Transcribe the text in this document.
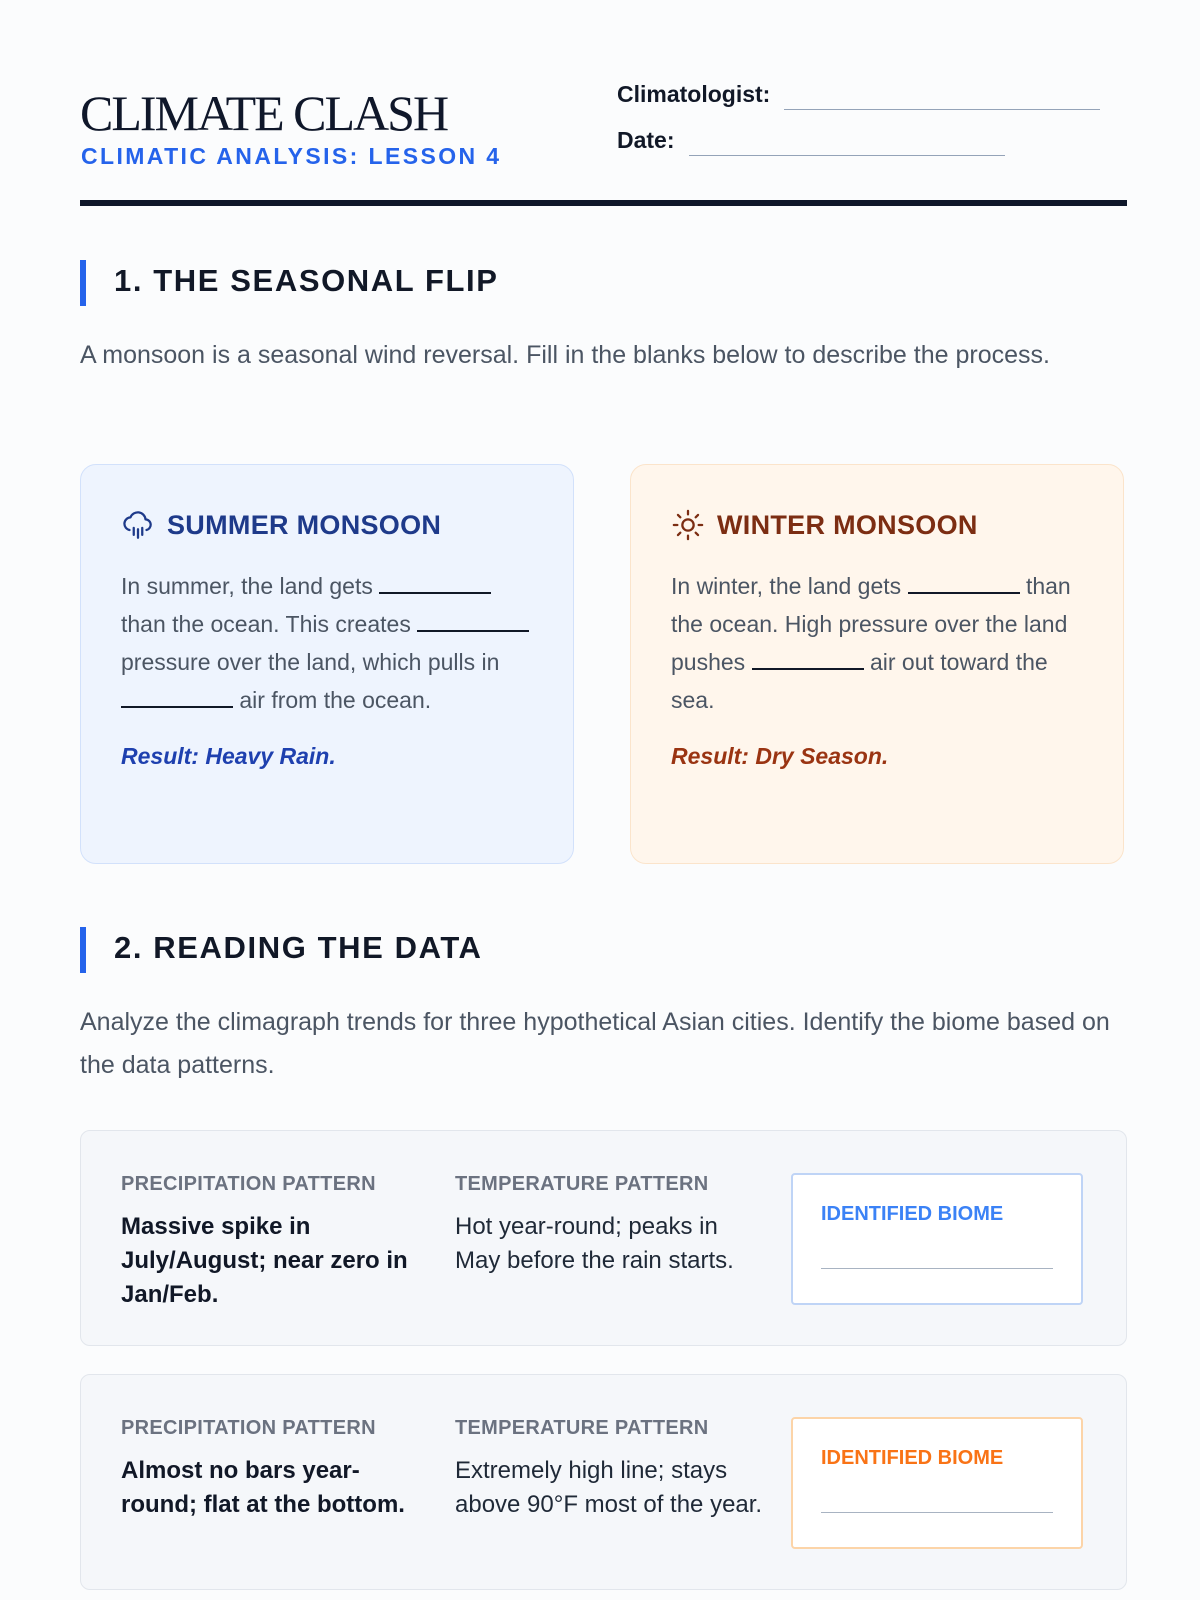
CLIMATE CLASH
CLIMATIC ANALYSIS: LESSON 4
Climatologist:
Date:
1. THE SEASONAL FLIP
A monsoon is a seasonal wind reversal. Fill in the blanks below to describe the process.
SUMMER MONSOON
In summer, the land gets  than the ocean. This creates  pressure over the land, which pulls in  air from the ocean.
Result: Heavy Rain.
WINTER MONSOON
In winter, the land gets	than the ocean. High pressure over the land pushes	air out toward the sea.
Result: Dry Season.
2. READING THE DATA
Analyze the climagraph trends for three hypothetical Asian cities. Identify the biome based on the data patterns.
PRECIPITATION PATTERN
Massive spike in July/August; near zero in Jan/Feb.
TEMPERATURE PATTERN
Hot year-round; peaks in May before the rain starts.
IDENTIFIED BIOME
PRECIPITATION PATTERN
Almost no bars year-round; flat at the bottom.
TEMPERATURE PATTERN
Extremely high line; stays above 90°F most of the year.
IDENTIFIED BIOME
